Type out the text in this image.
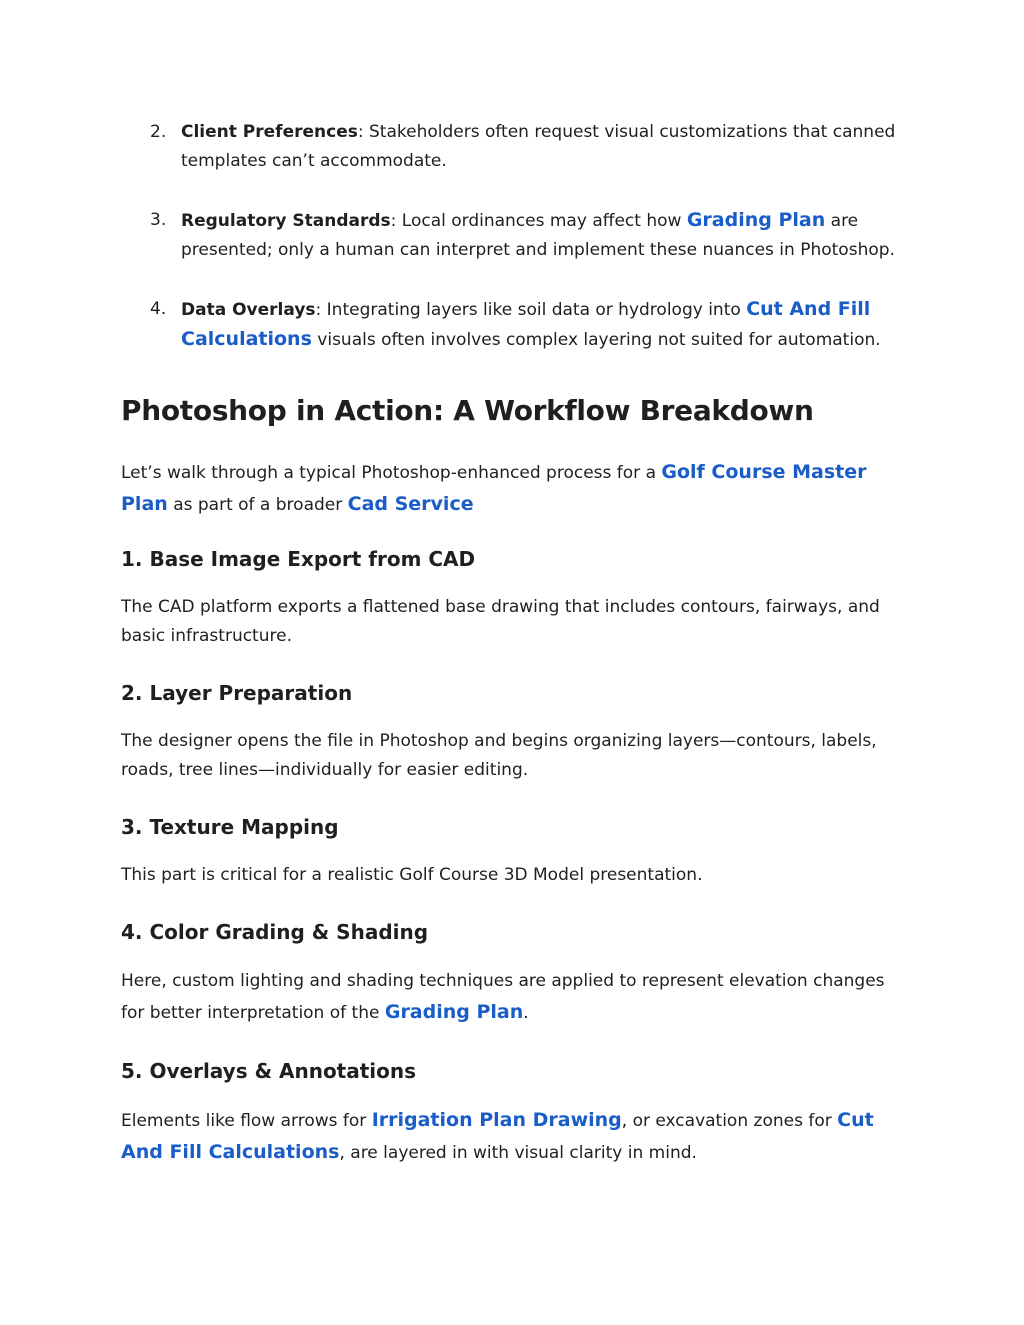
2. Client Preferences: Stakeholders often request visual customizations that canned templates can’t accommodate.
3. Regulatory Standards: Local ordinances may affect how Grading Plan are presented; only a human can interpret and implement these nuances in Photoshop.
4. Data Overlays: Integrating layers like soil data or hydrology into Cut And Fill Calculations visuals often involves complex layering not suited for automation.
Photoshop in Action: A Workflow Breakdown

Let’s walk through a typical Photoshop-enhanced process for a Golf Course Master Plan as part of a broader Cad Service

1. Base Image Export from CAD

The CAD platform exports a flattened base drawing that includes contours, fairways, and basic infrastructure.

2. Layer Preparation

The designer opens the file in Photoshop and begins organizing layers—contours, labels, roads, tree lines—individually for easier editing.

3. Texture Mapping

This part is critical for a realistic Golf Course 3D Model presentation.

4. Color Grading & Shading

Here, custom lighting and shading techniques are applied to represent elevation changes for better interpretation of the Grading Plan.

5. Overlays & Annotations

Elements like flow arrows for Irrigation Plan Drawing, or excavation zones for Cut And Fill Calculations, are layered in with visual clarity in mind.
